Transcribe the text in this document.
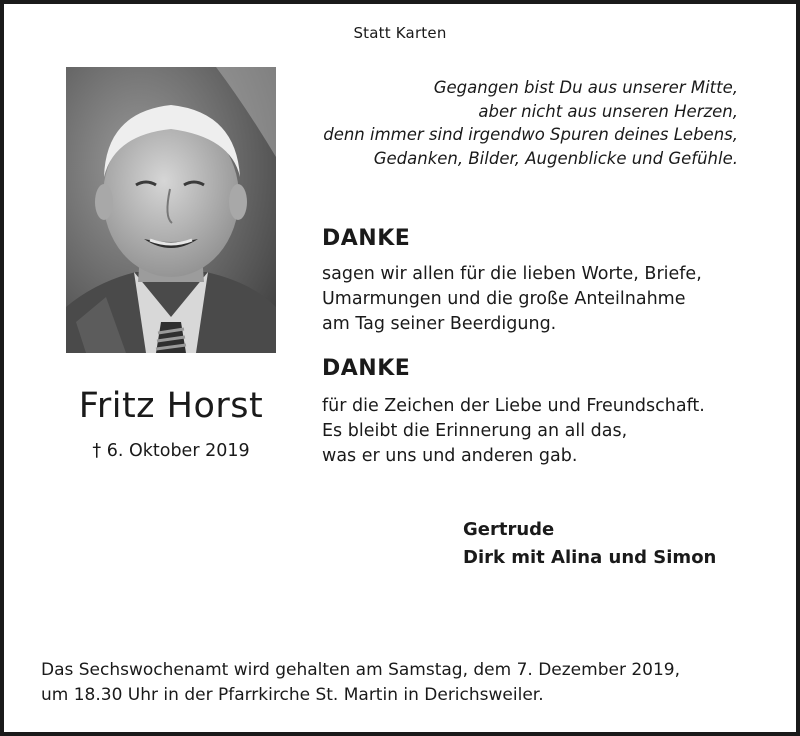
Statt Karten
Gegangen bist Du aus unserer Mitte,
aber nicht aus unseren Herzen,
denn immer sind irgendwo Spuren deines Lebens,
Gedanken, Bilder, Augenblicke und Gefühle.
DANKE
sagen wir allen für die lieben Worte, Briefe,
Umarmungen und die große Anteilnahme
am Tag seiner Beerdigung.
DANKE
für die Zeichen der Liebe und Freundschaft.
Es bleibt die Erinnerung an all das,
was er uns und anderen gab.
Fritz Horst
† 6. Oktober 2019
Gertrude
Dirk mit Alina und Simon
Das Sechswochenamt wird gehalten am Samstag, dem 7. Dezember 2019,
um 18.30 Uhr in der Pfarrkirche St. Martin in Derichsweiler.
